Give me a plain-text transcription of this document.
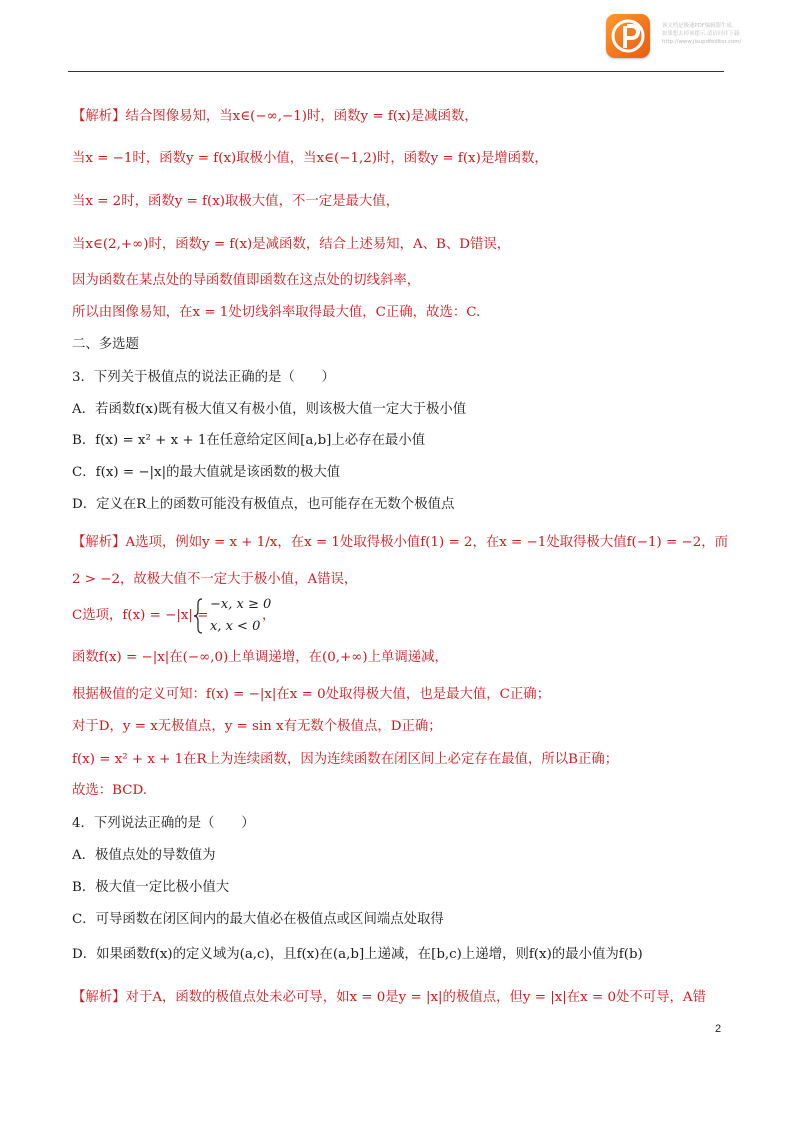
该文档是极速PDF编辑器生成,
如果想去掉该提示,请访问并下载:
http://www.jisupdfeditor.com/
【解析】结合图像易知，当x∈(−∞,−1)时，函数y = f(x)是减函数，
当x = −1时，函数y = f(x)取极小值，当x∈(−1,2)时，函数y = f(x)是增函数，
当x = 2时，函数y = f(x)取极大值，不一定是最大值，
当x∈(2,+∞)时，函数y = f(x)是减函数，结合上述易知，A、B、D错误，
因为函数在某点处的导函数值即函数在这点处的切线斜率，
所以由图像易知，在x = 1处切线斜率取得最大值，C正确，故选：C.
二、多选题
3．下列关于极值点的说法正确的是（　　）
A．若函数f(x)既有极大值又有极小值，则该极大值一定大于极小值
B．f(x) = x² + x + 1在任意给定区间[a,b]上必存在最小值
C．f(x) = −|x|的最大值就是该函数的极大值
D．定义在R上的函数可能没有极值点，也可能存在无数个极值点
【解析】A选项，例如y = x + 1/x，在x = 1处取得极小值f(1) = 2，在x = −1处取得极大值f(−1) = −2，而
2 > −2，故极大值不一定大于极小值，A错误，
C选项，f(x) = −|x| =
−x, x ≥ 0
x, x < 0
，
函数f(x) = −|x|在(−∞,0)上单调递增，在(0,+∞)上单调递减，
根据极值的定义可知：f(x) = −|x|在x = 0处取得极大值，也是最大值，C正确；
对于D，y = x无极值点，y = sin x有无数个极值点，D正确；
f(x) = x² + x + 1在R上为连续函数，因为连续函数在闭区间上必定存在最值，所以B正确；
故选：BCD.
4．下列说法正确的是（　　）
A．极值点处的导数值为
B．极大值一定比极小值大
C．可导函数在闭区间内的最大值必在极值点或区间端点处取得
D．如果函数f(x)的定义域为(a,c)，且f(x)在(a,b]上递减，在[b,c)上递增，则f(x)的最小值为f(b)
【解析】对于A，函数的极值点处未必可导，如x = 0是y = |x|的极值点，但y = |x|在x = 0处不可导，A错
2
